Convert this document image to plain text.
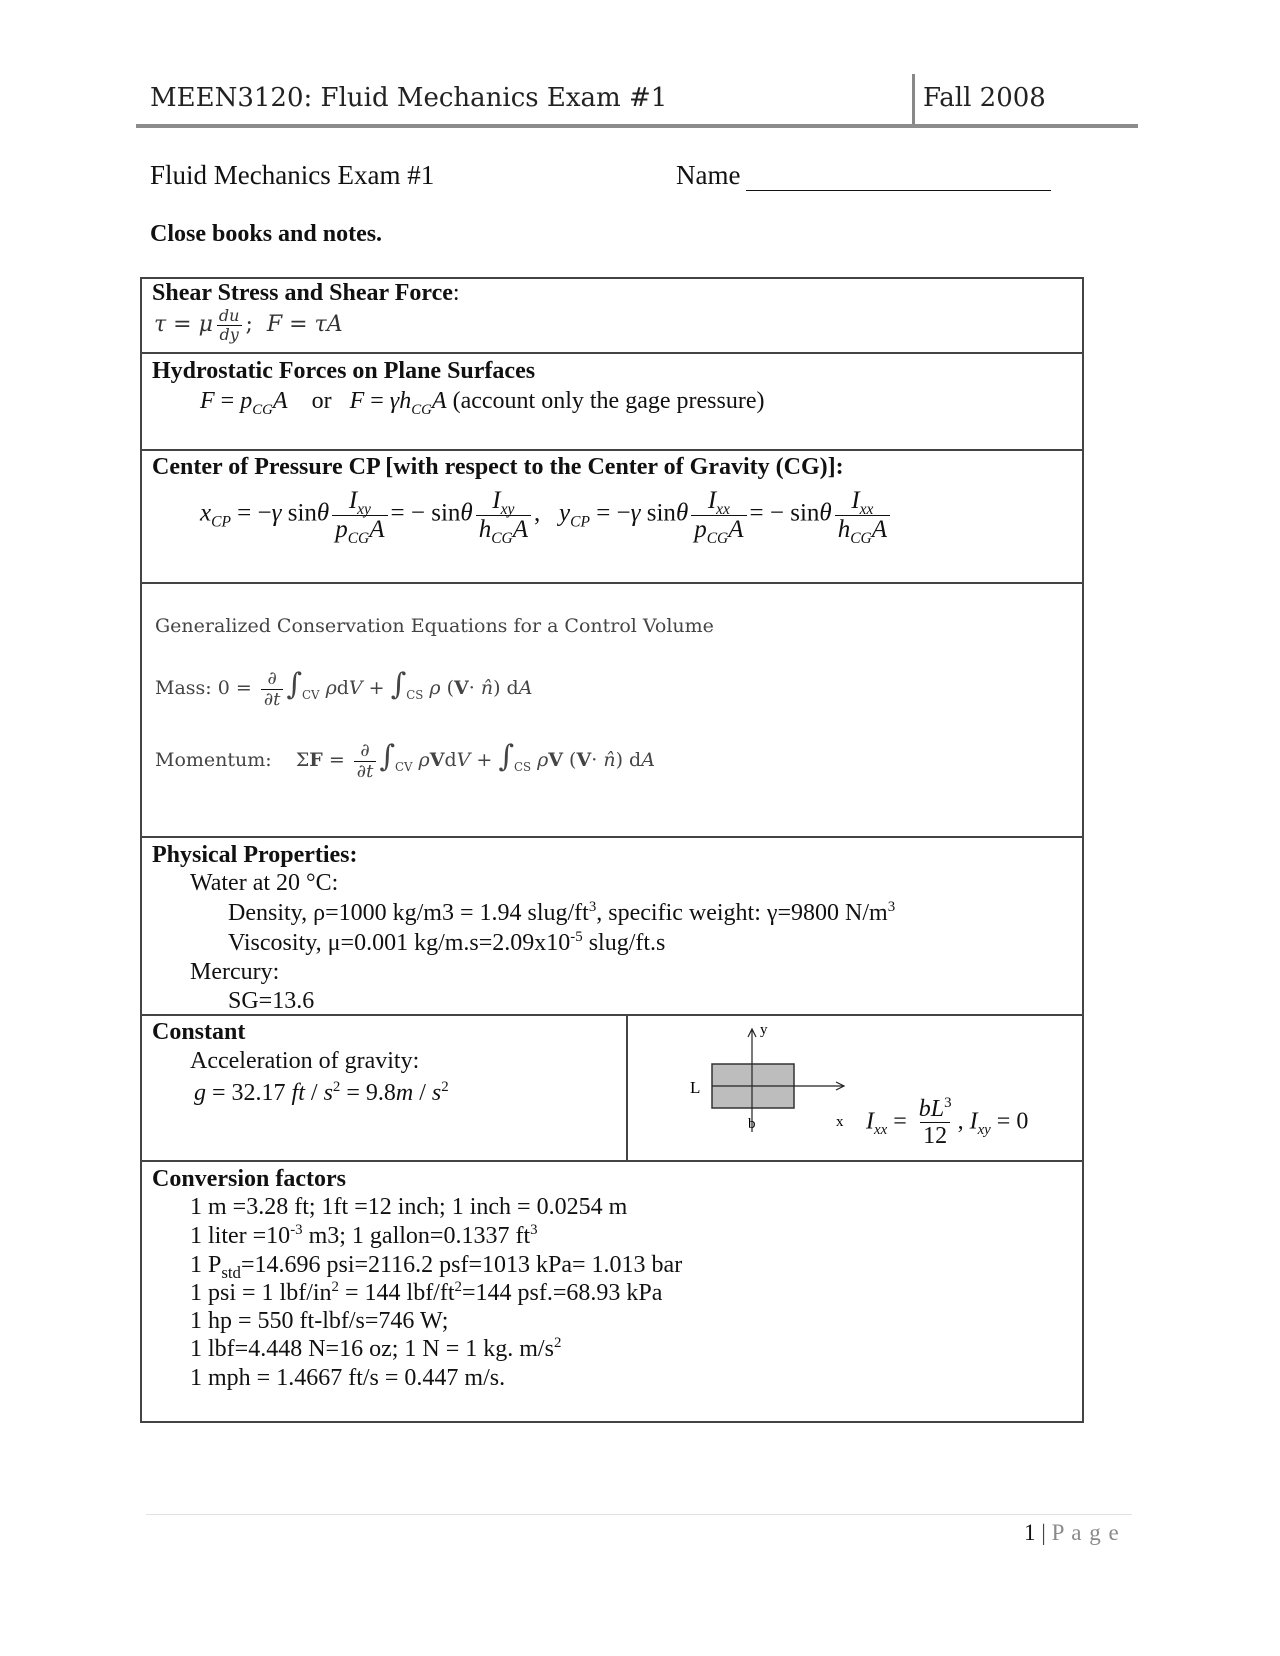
MEEN3120: Fluid Mechanics Exam #1	Fall 2008
Fluid Mechanics Exam #1	Name
Close books and notes.
Shear Stress and Shear Force:
τ = μ $\frac{du}{dy}$ ;  F = τA
Hydrostatic Forces on Plane Surfaces
$F = p_{CG}A$ or $F = \gamma h_{CG}A$ (account only the gage pressure)
Center of Pressure CP [with respect to the Center of Gravity (CG)]:
$x_{CP} = -\gamma$ sinθ $\frac{I_{xy}}{p_{CG}A}$ = − sinθ $\frac{I_{xy}}{h_{CG}A}$ ,   $y_{CP} = -\gamma$ sinθ $\frac{I_{xx}}{p_{CG}A}$ = − sinθ $\frac{I_{xx}}{h_{CG}A}$
Generalized Conservation Equations for a Control Volume
Mass: $0 = \frac{\partial}{\partial t} \int_{CV}$ $\rho dV + \int_{CS}$ ρ (V· n̂) dA
Momentum:    $\Sigma F = \frac{\partial}{\partial t} \int_{CV}$ $\rho VdV + \int_{CS}$ ρV (V· n̂) dA
Physical Properties:
Water at 20 °C:
Density, ρ=1000 kg/m3 = 1.94 slug/$ft^3$, specific weight: γ=9800 $N/m^3$
Viscosity, μ=0.001 $kg/m.s=2.09x10^{-5}$ slug/ft.s
Mercury:
SG=13.6
Constant
Acceleration of gravity:
g = 32.17 ft / $s^2 = 9.8m / s^2$
y
x
L
b	$I_{xx} = \frac{bL^3}{12}$ , $I_{xy} = 0$
Conversion factors
1 m =3.28 ft; 1ft =12 inch; 1 inch = 0.0254 m
1 liter $=10^{-3}$ m3; 1 gallon=0.1337 $ft^3$
1 $P_{std}=14.696$ psi=2116.2 psf=1013 kPa= 1.013 bar
1 psi = 1 lbf/$in^2 = 144$ lbf/$ft^2=144$ psf.=68.93 kPa
1 hp = 550 ft-lbf/s=746 W;
1 lbf=4.448 N=16 oz; 1 N = 1 kg. $m/s^2$
1 mph = 1.4667 ft/s = 0.447 m/s.
1 | P a g e
